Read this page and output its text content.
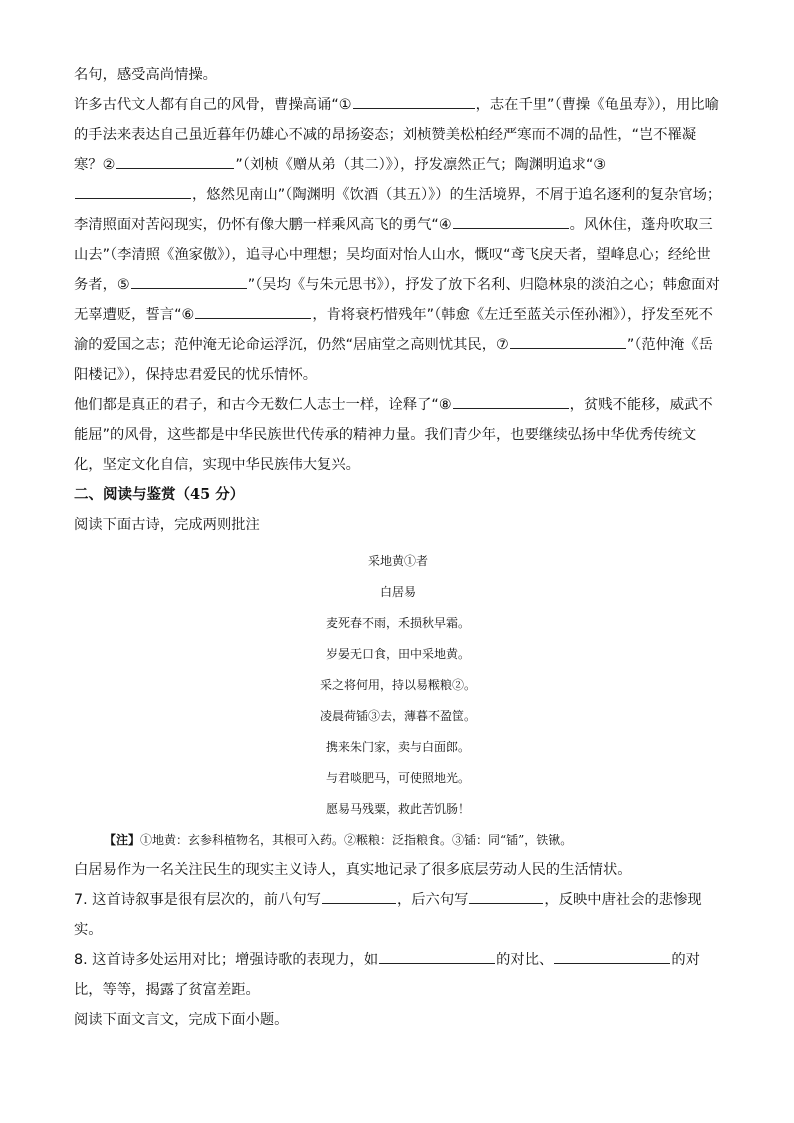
名句，感受高尚情操。

许多古代文人都有自己的风骨，曹操高诵“①	，志在千里”（曹操《龟虽寿》），用比喻的手法来表达自己虽近暮年仍雄心不减的昂扬姿态；刘桢赞美松柏经严寒而不凋的品性，“岂不罹凝寒？②	”（刘桢《赠从弟（其二）》），抒发凛然正气；陶渊明追求“③，悠然见南山”（陶渊明《饮酒（其五）》）的生活境界，不屑于追名逐利的复杂官场；李清照面对苦闷现实，仍怀有像大鹏一样乘风高飞的勇气“④	。风休住，蓬舟吹取三山去”（李清照《渔家傲》），追寻心中理想；吴均面对怡人山水，慨叹“鸢飞戾天者，望峰息心；经纶世务者，⑤	”（吴均《与朱元思书》），抒发了放下名利、归隐林泉的淡泊之心；韩愈面对无辜遭贬，誓言“⑥	，肯将衰朽惜残年”（韩愈《左迁至蓝关示侄孙湘》），抒发至死不渝的爱国之志；范仲淹无论命运浮沉，仍然“居庙堂之高则忧其民，⑦	”（范仲淹《岳阳楼记》），保持忠君爱民的忧乐情怀。

他们都是真正的君子，和古今无数仁人志士一样，诠释了“⑧	，贫贱不能移，威武不能屈”的风骨，这些都是中华民族世代传承的精神力量。我们青少年，也要继续弘扬中华优秀传统文化，坚定文化自信，实现中华民族伟大复兴。

二、阅读与鉴赏（45 分）

阅读下面古诗，完成两则批注

采地黄①者
白居易
麦死春不雨，禾损秋早霜。
岁晏无口食，田中采地黄。
采之将何用，持以易糇粮②。
凌晨荷锸③去，薄暮不盈筐。
携来朱门家，卖与白面郎。
与君啖肥马，可使照地光。
愿易马残粟，救此苦饥肠！

【注】①地黄：玄参科植物名，其根可入药。②糇粮：泛指粮食。③锸：同“锸”，铁锹。

白居易作为一名关注民生的现实主义诗人，真实地记录了很多底层劳动人民的生活情状。

7. 这首诗叙事是很有层次的，前八句写	，后六句写	，反映中唐社会的悲惨现实。

8. 这首诗多处运用对比；增强诗歌的表现力，如	的对比、	的对比，等等，揭露了贫富差距。

阅读下面文言文，完成下面小题。
